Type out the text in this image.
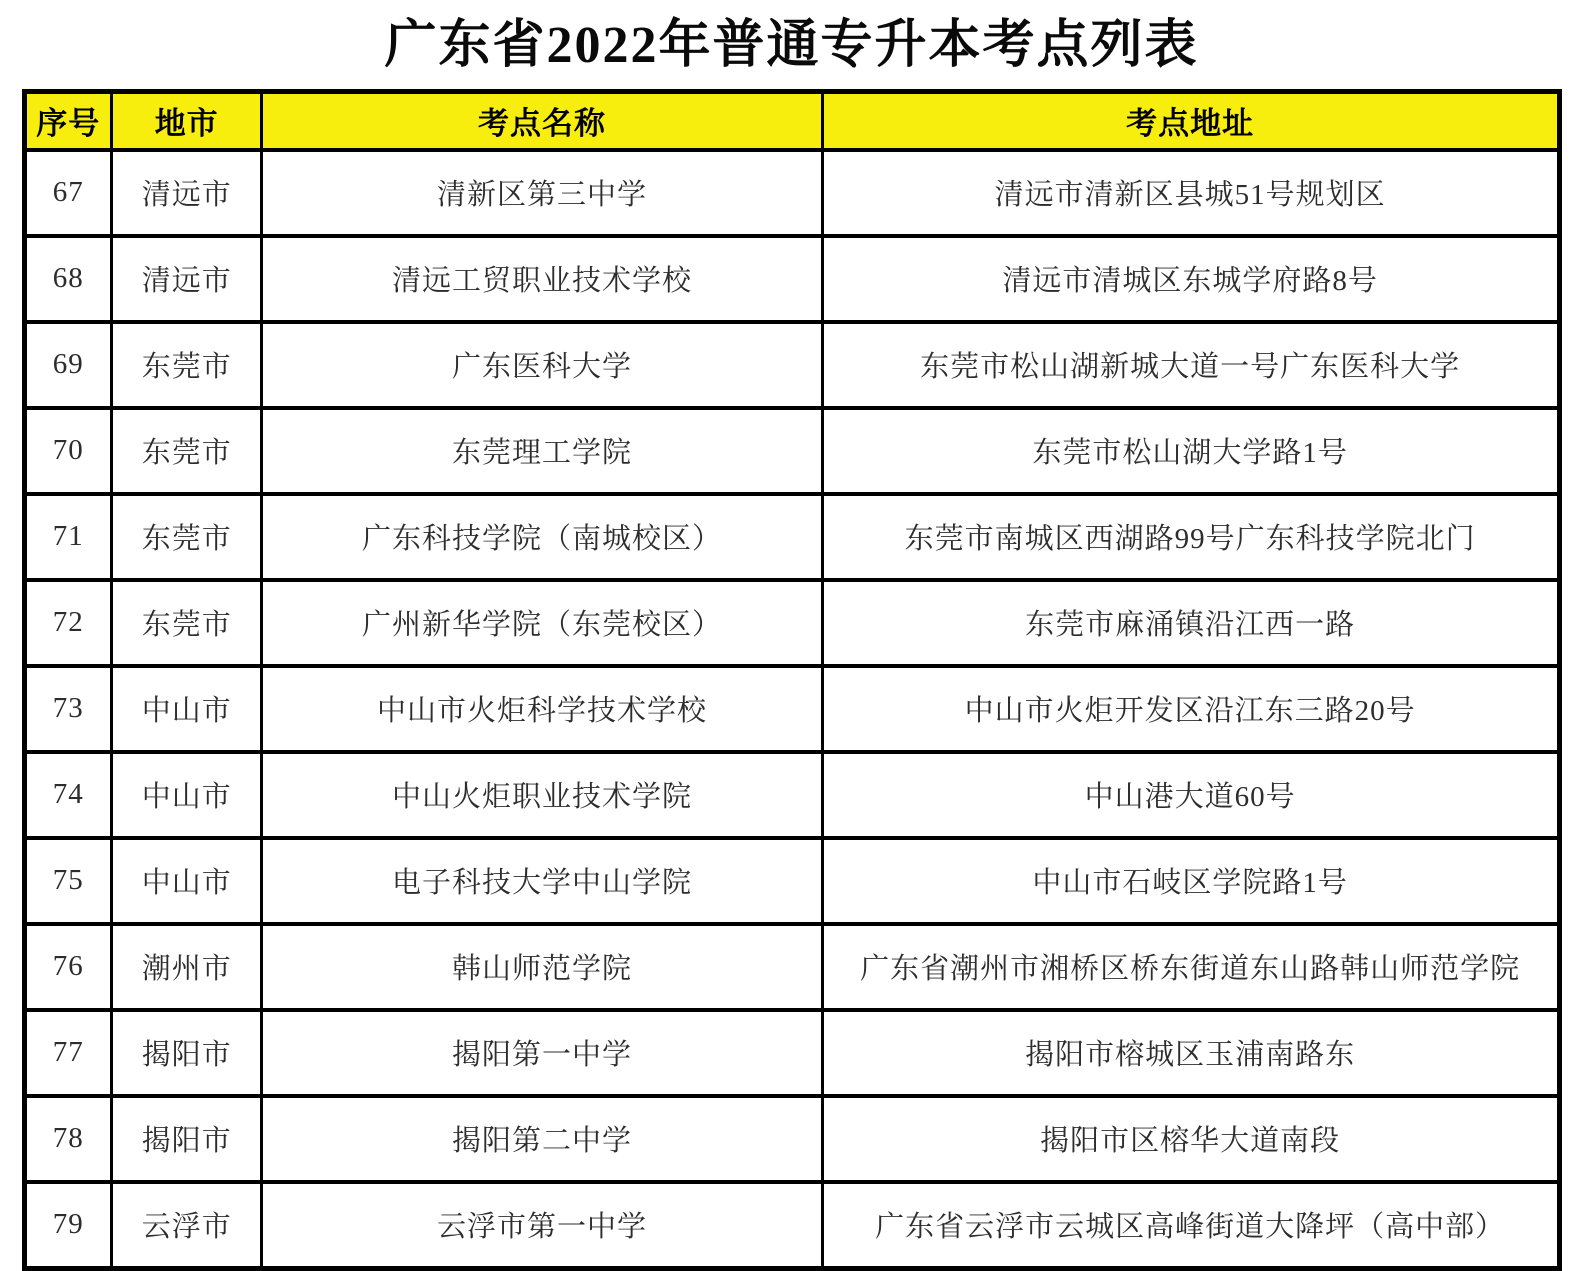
广东省2022年普通专升本考点列表
序号	地市	考点名称	考点地址
67	清远市	清新区第三中学	清远市清新区县城51号规划区
68	清远市	清远工贸职业技术学校	清远市清城区东城学府路8号
69	东莞市	广东医科大学	东莞市松山湖新城大道一号广东医科大学
70	东莞市	东莞理工学院	东莞市松山湖大学路1号
71	东莞市	广东科技学院（南城校区）	东莞市南城区西湖路99号广东科技学院北门
72	东莞市	广州新华学院（东莞校区）	东莞市麻涌镇沿江西一路
73	中山市	中山市火炬科学技术学校	中山市火炬开发区沿江东三路20号
74	中山市	中山火炬职业技术学院	中山港大道60号
75	中山市	电子科技大学中山学院	中山市石岐区学院路1号
76	潮州市	韩山师范学院	广东省潮州市湘桥区桥东街道东山路韩山师范学院
77	揭阳市	揭阳第一中学	揭阳市榕城区玉浦南路东
78	揭阳市	揭阳第二中学	揭阳市区榕华大道南段
79	云浮市	云浮市第一中学	广东省云浮市云城区高峰街道大降坪（高中部）
